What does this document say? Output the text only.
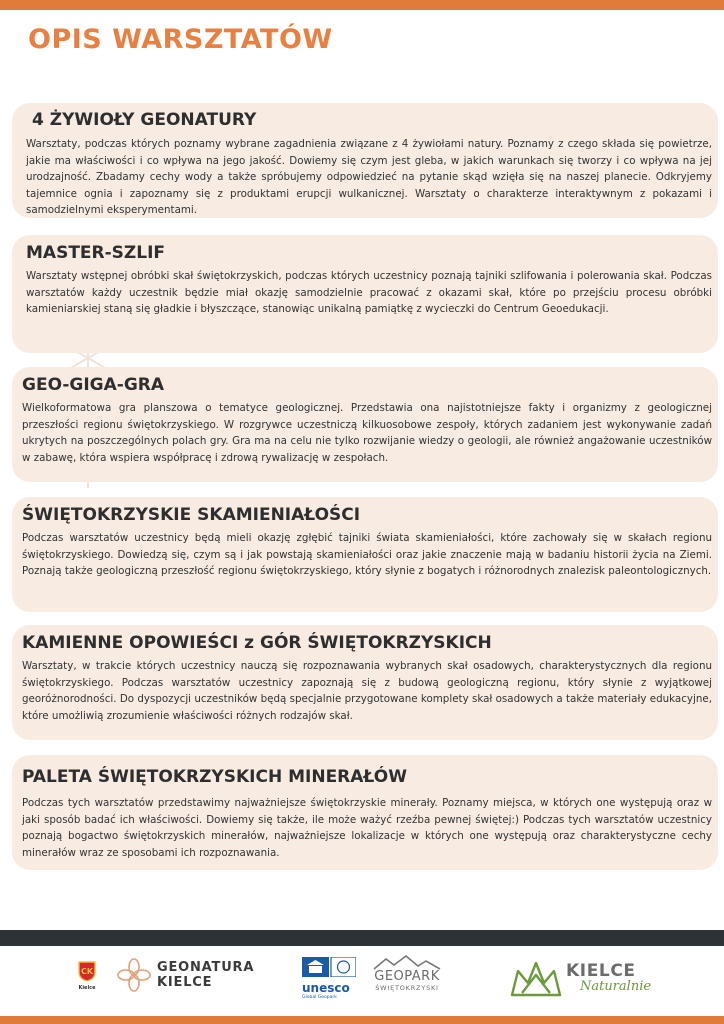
OPIS WARSZTATÓW
4 ŻYWIOŁY GEONATURY

Warsztaty, podczas których poznamy wybrane zagadnienia związane z 4 żywiołami natury. Poznamy z czego składa się powietrze, jakie ma właściwości i co wpływa na jego jakość. Dowiemy się czym jest gleba, w jakich warunkach się tworzy i co wpływa na jej urodzajność. Zbadamy cechy wody a także spróbujemy odpowiedzieć na pytanie skąd wzięła się na naszej planecie. Odkryjemy tajemnice ognia i zapoznamy się z produktami erupcji wulkanicznej. Warsztaty o charakterze interaktywnym z pokazami i samodzielnymi eksperymentami.

MASTER-SZLIF

Warsztaty wstępnej obróbki skał świętokrzyskich, podczas których uczestnicy poznają tajniki szlifowania i polerowania skał. Podczas warsztatów każdy uczestnik będzie miał okazję samodzielnie pracować z okazami skał, które po przejściu procesu obróbki kamieniarskiej staną się gładkie i błyszczące, stanowiąc unikalną pamiątkę z wycieczki do Centrum Geoedukacji.

GEO-GIGA-GRA

Wielkoformatowa gra planszowa o tematyce geologicznej. Przedstawia ona najistotniejsze fakty i organizmy z geologicznej przeszłości regionu świętokrzyskiego. W rozgrywce uczestniczą kilkuosobowe zespoły, których zadaniem jest wykonywanie zadań ukrytych na poszczególnych polach gry. Gra ma na celu nie tylko rozwijanie wiedzy o geologii, ale również angażowanie uczestników w zabawę, która wspiera współpracę i zdrową rywalizację w zespołach.

ŚWIĘTOKRZYSKIE SKAMIENIAŁOŚCI

Podczas warsztatów uczestnicy będą mieli okazję zgłębić tajniki świata skamieniałości, które zachowały się w skałach regionu świętokrzyskiego. Dowiedzą się, czym są i jak powstają skamieniałości oraz jakie znaczenie mają w badaniu historii życia na Ziemi. Poznają także geologiczną przeszłość regionu świętokrzyskiego, który słynie z bogatych i różnorodnych znalezisk paleontologicznych.

KAMIENNE OPOWIEŚCI z GÓR ŚWIĘTOKRZYSKICH

Warsztaty, w trakcie których uczestnicy nauczą się rozpoznawania wybranych skał osadowych, charakterystycznych dla regionu świętokrzyskiego. Podczas warsztatów uczestnicy zapoznają się z budową geologiczną regionu, który słynie z wyjątkowej georóżnorodności. Do dyspozycji uczestników będą specjalnie przygotowane komplety skał osadowych a także materiały edukacyjne, które umożliwią zrozumienie właściwości różnych rodzajów skał.

PALETA ŚWIĘTOKRZYSKICH MINERAŁÓW

Podczas tych warsztatów przedstawimy najważniejsze świętokrzyskie minerały. Poznamy miejsca, w których one występują oraz w jaki sposób badać ich właściwości. Dowiemy się także, ile może ważyć rzeźba pewnej świętej:) Podczas tych warsztatów uczestnicy poznają bogactwo świętokrzyskich minerałów, najważniejsze lokalizacje w których one występują oraz charakterystyczne cechy minerałów wraz ze sposobami ich rozpoznawania.

CK
Kielce
GEONATURA
KIELCE	unesco
Global Geopark
GEOPARK
ŚWIĘTOKRZYSKI
KIELCE
Naturalnie
